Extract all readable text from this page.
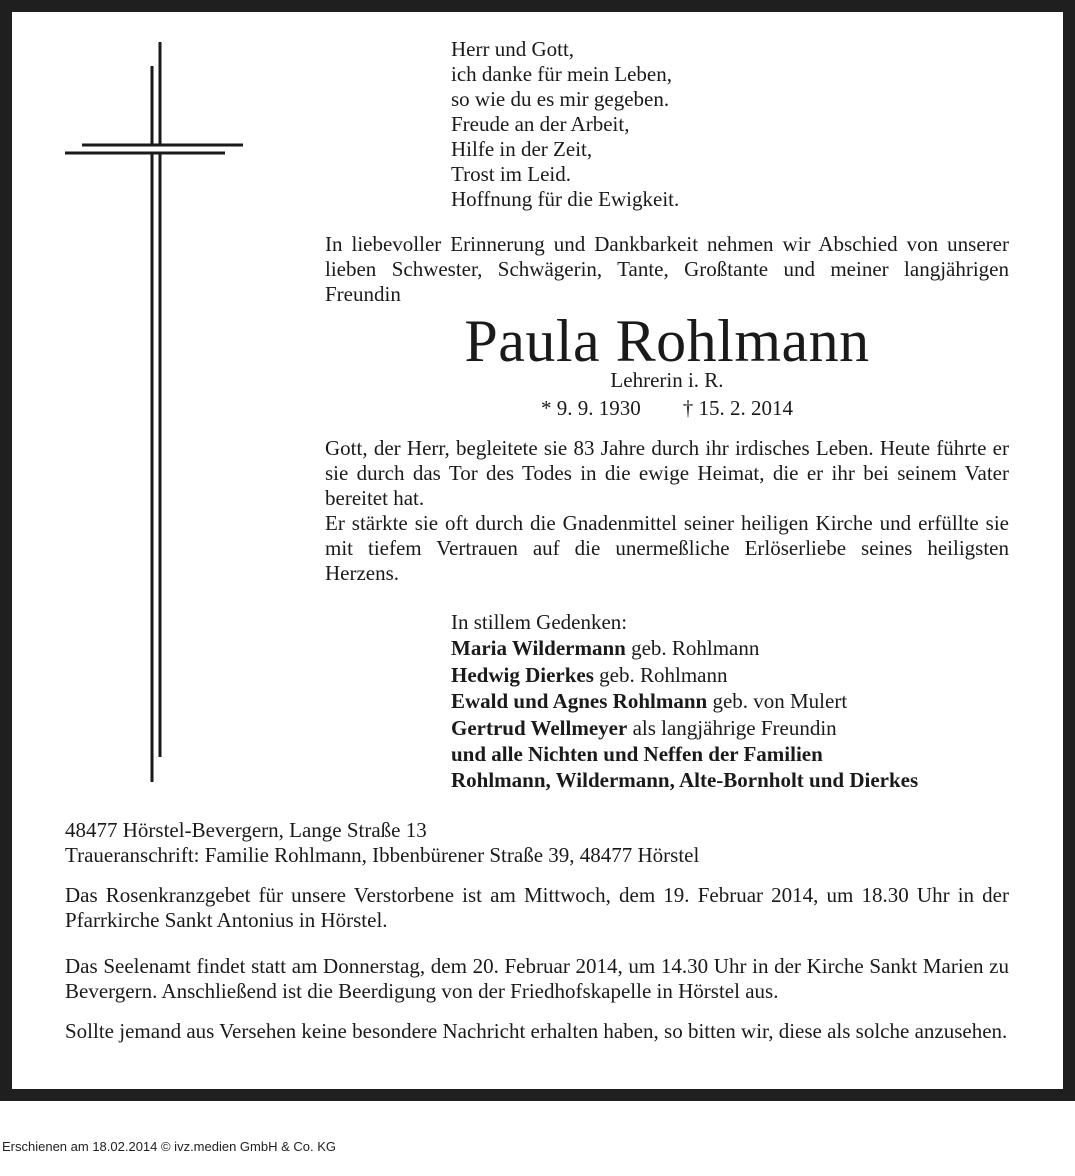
Herr und Gott,
ich danke für mein Leben,
so wie du es mir gegeben.
Freude an der Arbeit,
Hilfe in der Zeit,
Trost im Leid.
Hoffnung für die Ewigkeit.

In liebevoller Erinnerung und Dankbarkeit nehmen wir Abschied von unserer lieben Schwester, Schwägerin, Tante, Großtante und meiner langjährigen Freundin

Paula Rohlmann
Lehrerin i. R.
* 9. 9. 1930 † 15. 2. 2014

Gott, der Herr, begleitete sie 83 Jahre durch ihr irdisches Leben. Heute führte er sie durch das Tor des Todes in die ewige Heimat, die er ihr bei seinem Vater bereitet hat.

Er stärkte sie oft durch die Gnadenmittel seiner heiligen Kirche und erfüllte sie mit tiefem Vertrauen auf die unermeßliche Erlöserliebe seines heiligsten Herzens.

In stillem Gedenken:
Maria Wildermann geb. Rohlmann
Hedwig Dierkes geb. Rohlmann
Ewald und Agnes Rohlmann geb. von Mulert
Gertrud Wellmeyer als langjährige Freundin
und alle Nichten und Neffen der Familien
Rohlmann, Wildermann, Alte-Bornholt und Dierkes
48477 Hörstel-Bevergern, Lange Straße 13
Traueranschrift: Familie Rohlmann, Ibbenbürener Straße 39, 48477 Hörstel

Das Rosenkranzgebet für unsere Verstorbene ist am Mittwoch, dem 19. Februar 2014, um 18.30 Uhr in der Pfarrkirche Sankt Antonius in Hörstel.

Das Seelenamt findet statt am Donnerstag, dem 20. Februar 2014, um 14.30 Uhr in der Kirche Sankt Marien zu Bevergern. Anschließend ist die Beerdigung von der Friedhofskapelle in Hörstel aus.

Sollte jemand aus Versehen keine besondere Nachricht erhalten haben, so bitten wir, diese als solche anzusehen.

Erschienen am 18.02.2014 © ivz.medien GmbH & Co. KG
